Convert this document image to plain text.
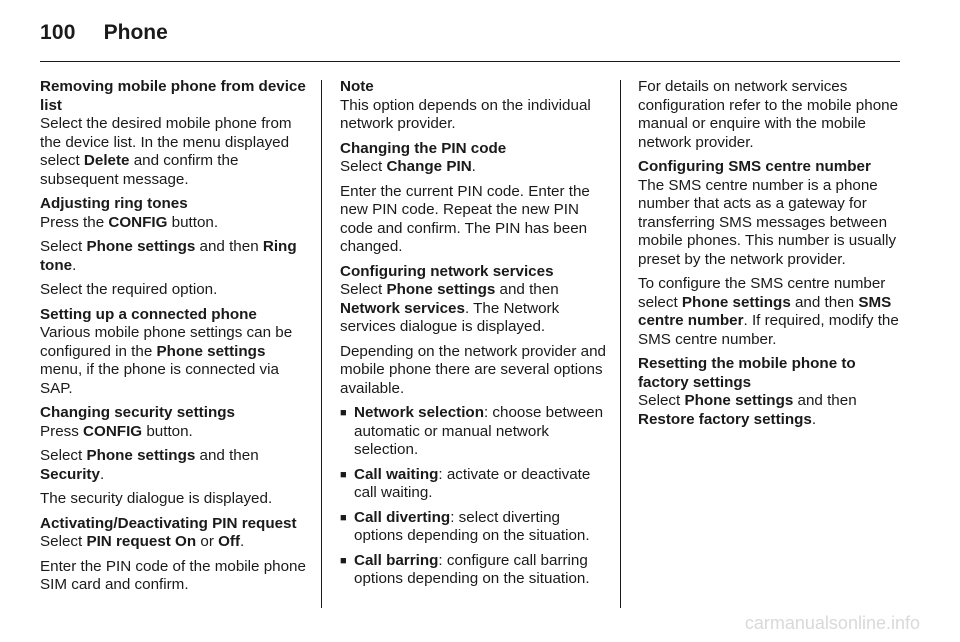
100 Phone
Removing mobile phone from device list

Select the desired mobile phone from the device list. In the menu displayed select Delete and confirm the subsequent message.

Adjusting ring tones

Press the CONFIG button.

Select Phone settings and then Ring tone.

Select the required option.

Setting up a connected phone

Various mobile phone settings can be configured in the Phone settings menu, if the phone is connected via SAP.

Changing security settings

Press CONFIG button.

Select Phone settings and then Security.

The security dialogue is displayed.

Activating/Deactivating PIN request

Select PIN request On or Off.

Enter the PIN code of the mobile phone SIM card and confirm.

Note

This option depends on the individual network provider.

Changing the PIN code

Select Change PIN.

Enter the current PIN code. Enter the new PIN code. Repeat the new PIN code and confirm. The PIN has been changed.

Configuring network services

Select Phone settings and then Network services. The Network services dialogue is displayed.

Depending on the network provider and mobile phone there are several options available.

■ Network selection: choose between automatic or manual network selection.
■ Call waiting: activate or deactivate call waiting.
■ Call diverting: select diverting options depending on the situation.
■ Call barring: configure call barring options depending on the situation.

For details on network services configuration refer to the mobile phone manual or enquire with the mobile network provider.

Configuring SMS centre number

The SMS centre number is a phone number that acts as a gateway for transferring SMS messages between mobile phones. This number is usually preset by the network provider.

To configure the SMS centre number select Phone settings and then SMS centre number. If required, modify the SMS centre number.

Resetting the mobile phone to factory settings

Select Phone settings and then Restore factory settings.

carmanualsonline.info
